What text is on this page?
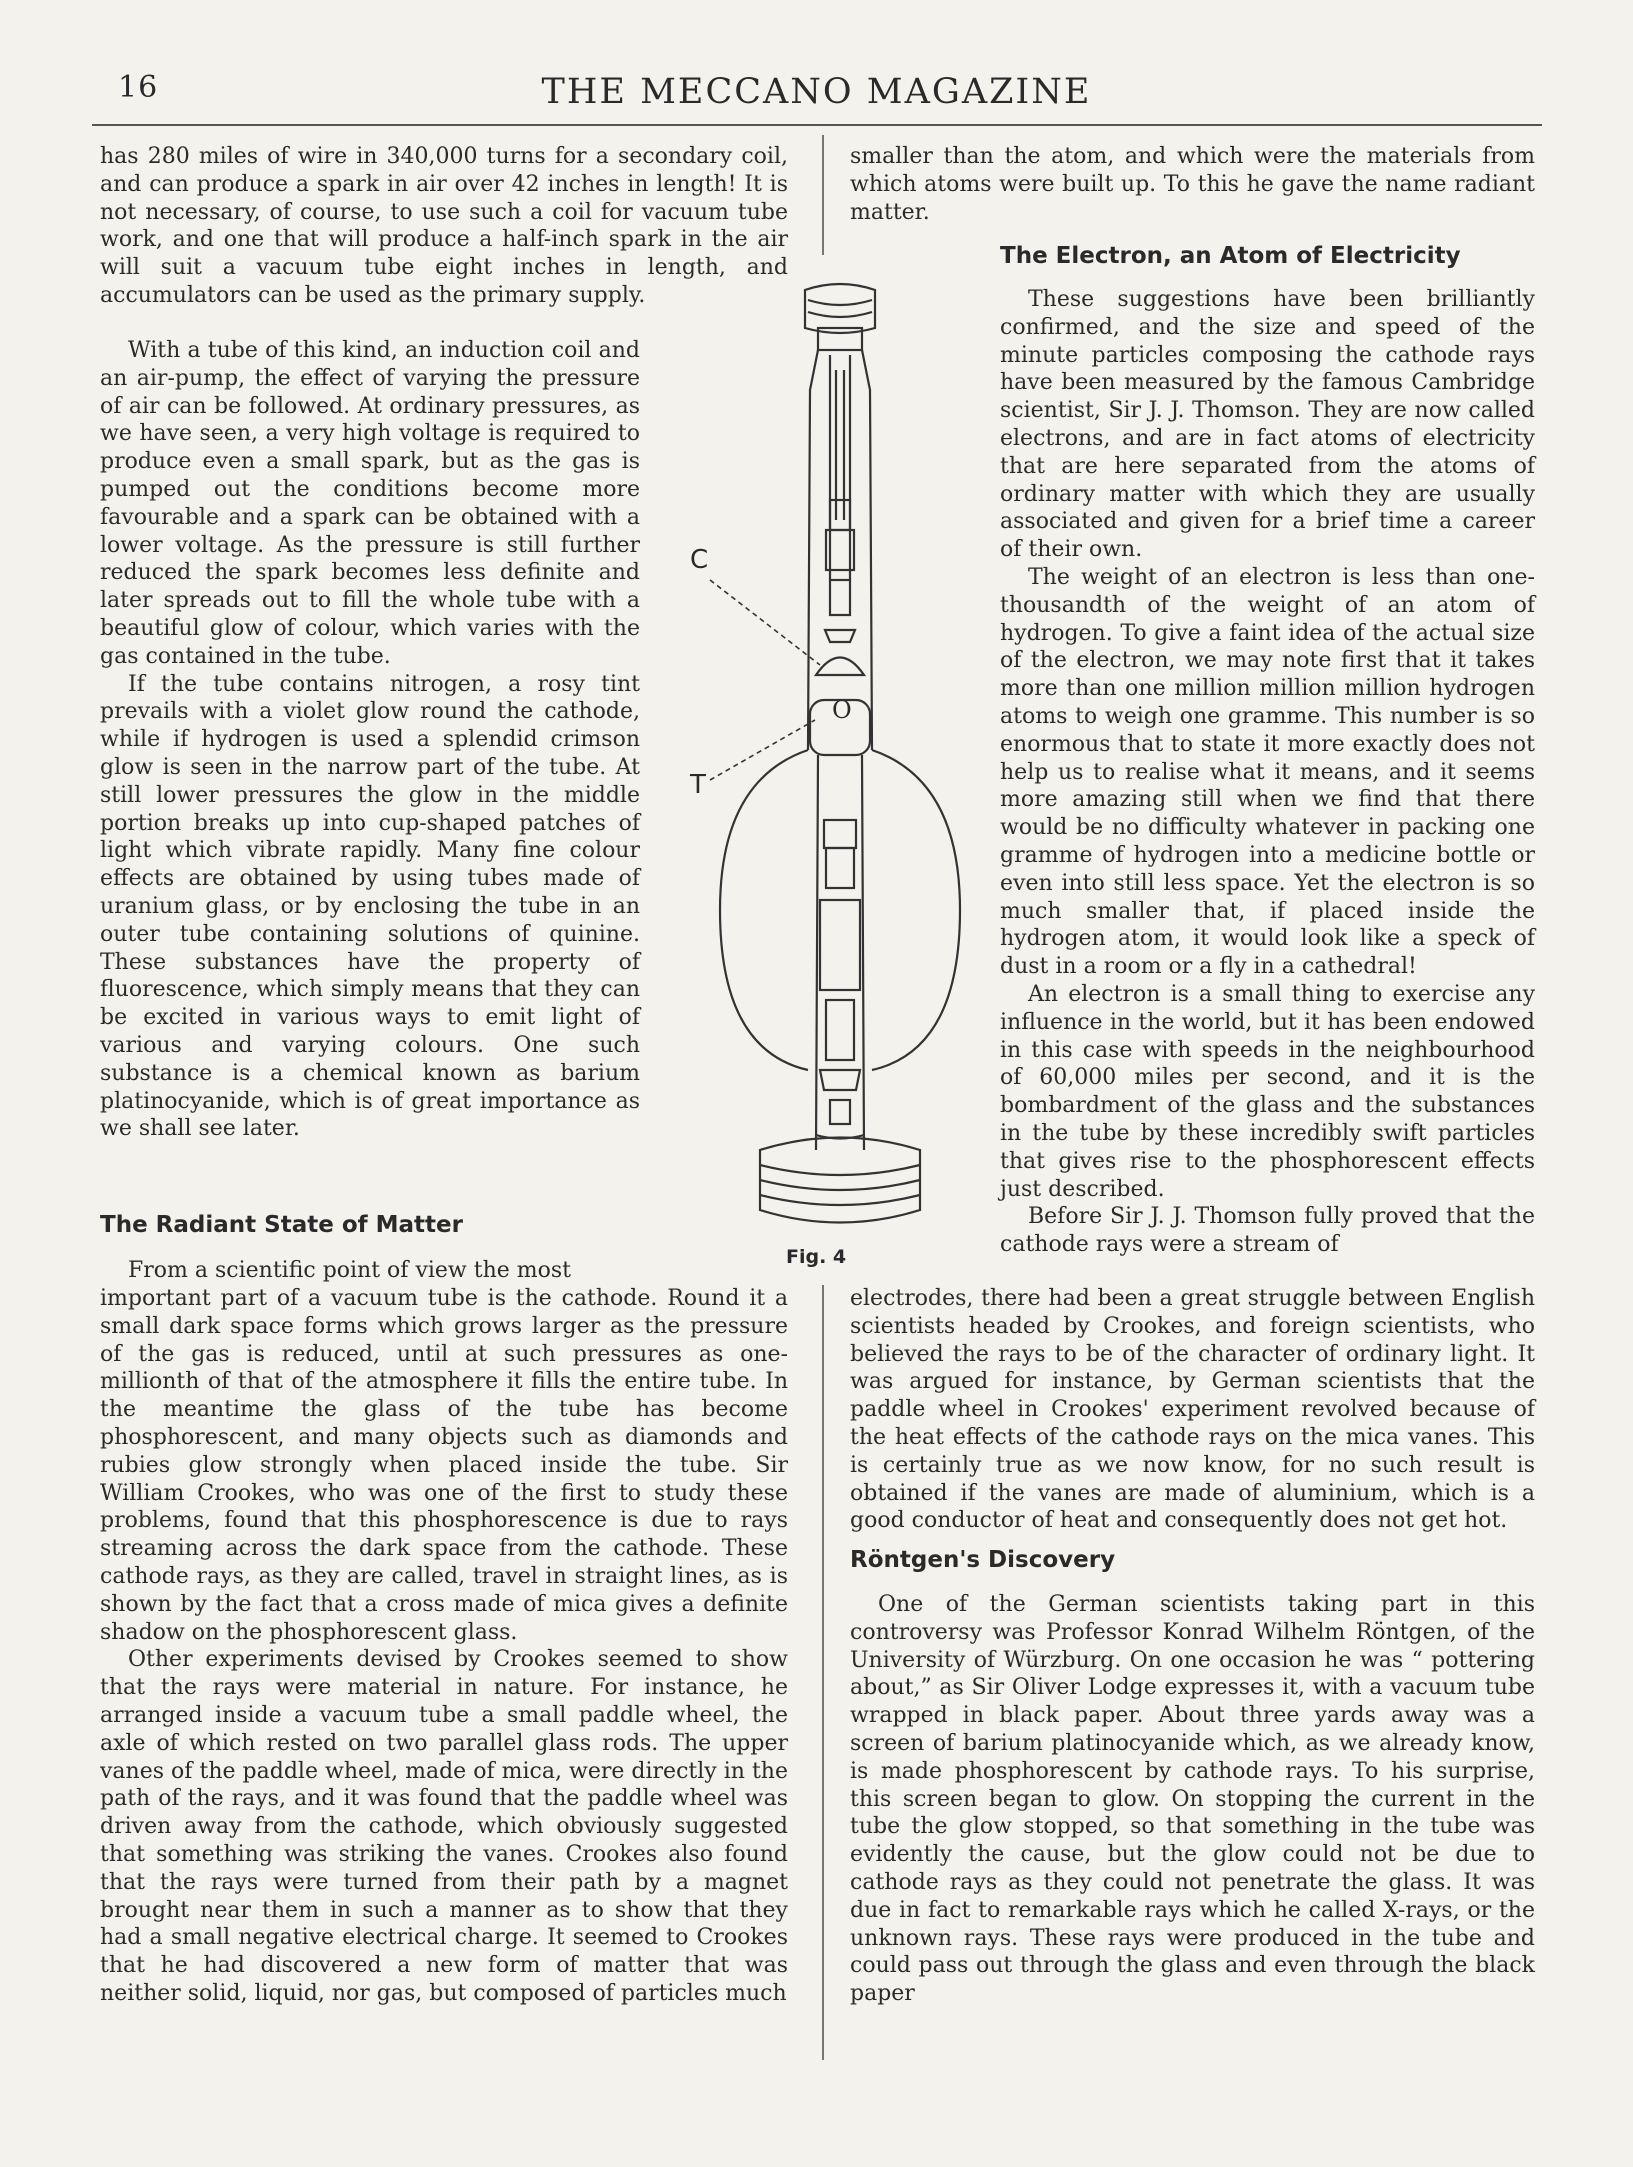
16	THE MECCANO MAGAZINE

has 280 miles of wire in 340,000 turns for a secondary coil, and can produce a spark in air over 42 inches in length! It is not necessary, of course, to use such a coil for vacuum tube work, and one that will produce a half-inch spark in the air will suit a vacuum tube eight inches in length, and accumulators can be used as the primary supply.

With a tube of this kind, an induction coil and an air-pump, the effect of varying the pressure of air can be followed. At ordinary pressures, as we have seen, a very high voltage is required to produce even a small spark, but as the gas is pumped out the conditions become more favourable and a spark can be obtained with a lower voltage. As the pressure is still further reduced the spark becomes less definite and later spreads out to fill the whole tube with a beautiful glow of colour, which varies with the gas contained in the tube.

If the tube contains nitrogen, a rosy tint prevails with a violet glow round the cathode, while if hydrogen is used a splendid crimson glow is seen in the narrow part of the tube. At still lower pressures the glow in the middle portion breaks up into cup-shaped patches of light which vibrate rapidly. Many fine colour effects are obtained by using tubes made of uranium glass, or by enclosing the tube in an outer tube containing solutions of quinine. These substances have the property of fluorescence, which simply means that they can be excited in various ways to emit light of various and varying colours. One such substance is a chemical known as barium platinocyanide, which is of great importance as we shall see later.

The Radiant State of Matter

From a scientific point of view the most

important part of a vacuum tube is the cathode. Round it a small dark space forms which grows larger as the pressure of the gas is reduced, until at such pressures as one-millionth of that of the atmosphere it fills the entire tube. In the meantime the glass of the tube has become phosphorescent, and many objects such as diamonds and rubies glow strongly when placed inside the tube. Sir William Crookes, who was one of the first to study these problems, found that this phosphorescence is due to rays streaming across the dark space from the cathode. These cathode rays, as they are called, travel in straight lines, as is shown by the fact that a cross made of mica gives a definite shadow on the phosphorescent glass.

Other experiments devised by Crookes seemed to show that the rays were material in nature. For instance, he arranged inside a vacuum tube a small paddle wheel, the axle of which rested on two parallel glass rods. The upper vanes of the paddle wheel, made of mica, were directly in the path of the rays, and it was found that the paddle wheel was driven away from the cathode, which obviously suggested that something was striking the vanes. Crookes also found that the rays were turned from their path by a magnet brought near them in such a manner as to show that they had a small negative electrical charge. It seemed to Crookes that he had discovered a new form of matter that was neither solid, liquid, nor gas, but composed of particles much

smaller than the atom, and which were the materials from which atoms were built up. To this he gave the name radiant matter.

The Electron, an Atom of Electricity

These suggestions have been brilliantly confirmed, and the size and speed of the minute particles composing the cathode rays have been measured by the famous Cambridge scientist, Sir J. J. Thomson. They are now called electrons, and are in fact atoms of electricity that are here separated from the atoms of ordinary matter with which they are usually associated and given for a brief time a career of their own.

The weight of an electron is less than one-thousandth of the weight of an atom of hydrogen. To give a faint idea of the actual size of the electron, we may note first that it takes more than one million million million hydrogen atoms to weigh one gramme. This number is so enormous that to state it more exactly does not help us to realise what it means, and it seems more amazing still when we find that there would be no difficulty whatever in packing one gramme of hydrogen into a medicine bottle or even into still less space. Yet the electron is so much smaller that, if placed inside the hydrogen atom, it would look like a speck of dust in a room or a fly in a cathedral!

An electron is a small thing to exercise any influence in the world, but it has been endowed in this case with speeds in the neighbourhood of 60,000 miles per second, and it is the bombardment of the glass and the substances in the tube by these incredibly swift particles that gives rise to the phosphorescent effects just described.

Before Sir J. J. Thomson fully proved that the cathode rays were a stream of

electrodes, there had been a great struggle between English scientists headed by Crookes, and foreign scientists, who believed the rays to be of the character of ordinary light. It was argued for instance, by German scientists that the paddle wheel in Crookes' experiment revolved because of the heat effects of the cathode rays on the mica vanes. This is certainly true as we now know, for no such result is obtained if the vanes are made of aluminium, which is a good conductor of heat and consequently does not get hot.

Röntgen's Discovery

One of the German scientists taking part in this controversy was Professor Konrad Wilhelm Röntgen, of the University of Würzburg. On one occasion he was “ pottering about,” as Sir Oliver Lodge expresses it, with a vacuum tube wrapped in black paper. About three yards away was a screen of barium platinocyanide which, as we already know, is made phosphorescent by cathode rays. To his surprise, this screen began to glow. On stopping the current in the tube the glow stopped, so that something in the tube was evidently the cause, but the glow could not be due to cathode rays as they could not penetrate the glass. It was due in fact to remarkable rays which he called X-rays, or the unknown rays. These rays were produced in the tube and could pass out through the glass and even through the black paper

C
T
O
Fig. 4
